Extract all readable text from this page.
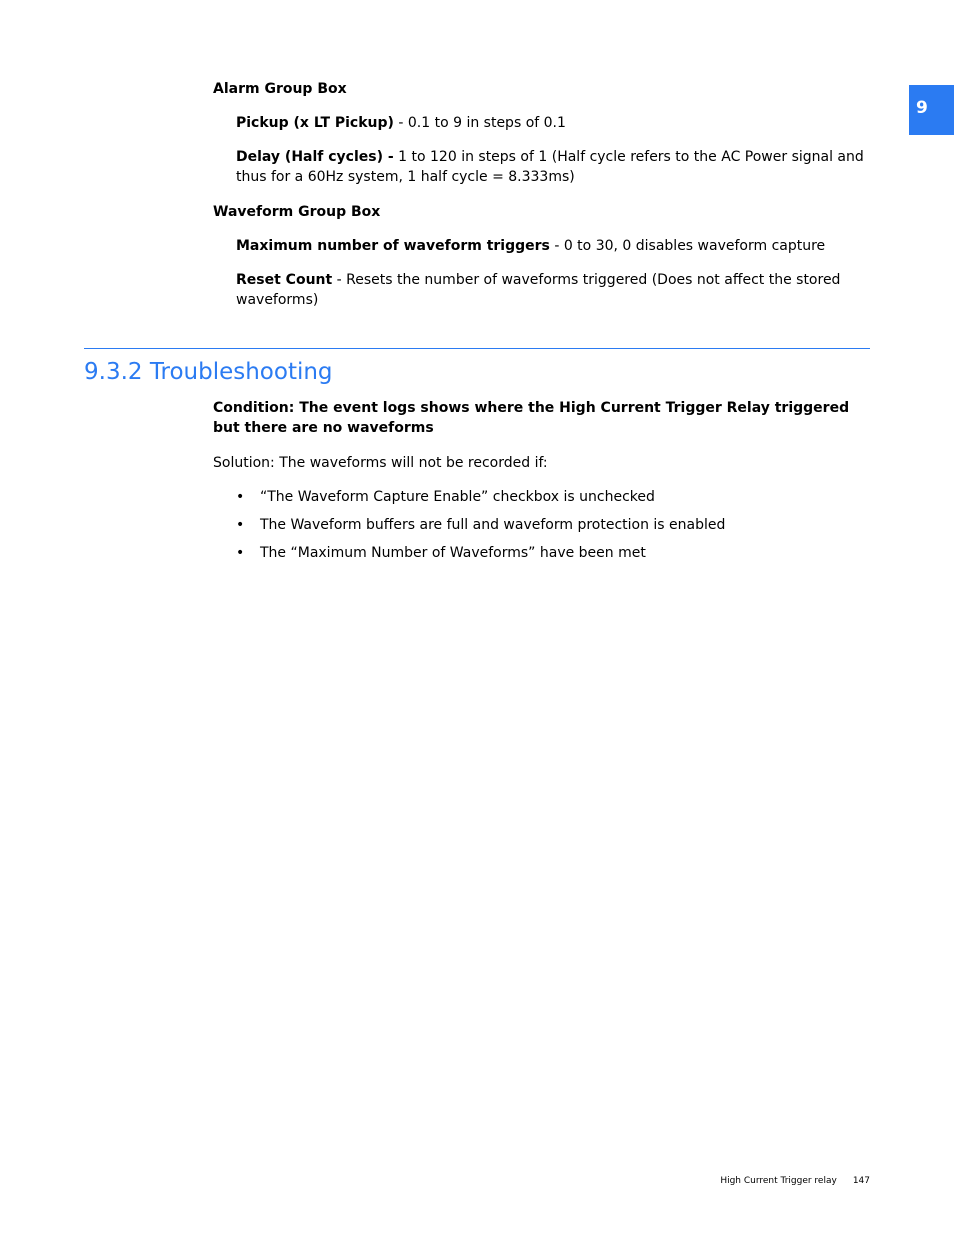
9

Alarm Group Box

Pickup (x LT Pickup) - 0.1 to 9 in steps of 0.1

Delay (Half cycles) - 1 to 120 in steps of 1 (Half cycle refers to the AC Power signal and thus for a 60Hz system, 1 half cycle = 8.333ms)

Waveform Group Box

Maximum number of waveform triggers - 0 to 30, 0 disables waveform capture

Reset Count - Resets the number of waveforms triggered (Does not affect the stored waveforms)

9.3.2 Troubleshooting

Condition: The event logs shows where the High Current Trigger Relay triggered but there are no waveforms

Solution: The waveforms will not be recorded if:

• “The Waveform Capture Enable” checkbox is unchecked
• The Waveform buffers are full and waveform protection is enabled
• The “Maximum Number of Waveforms” have been met
High Current Trigger relay 147
